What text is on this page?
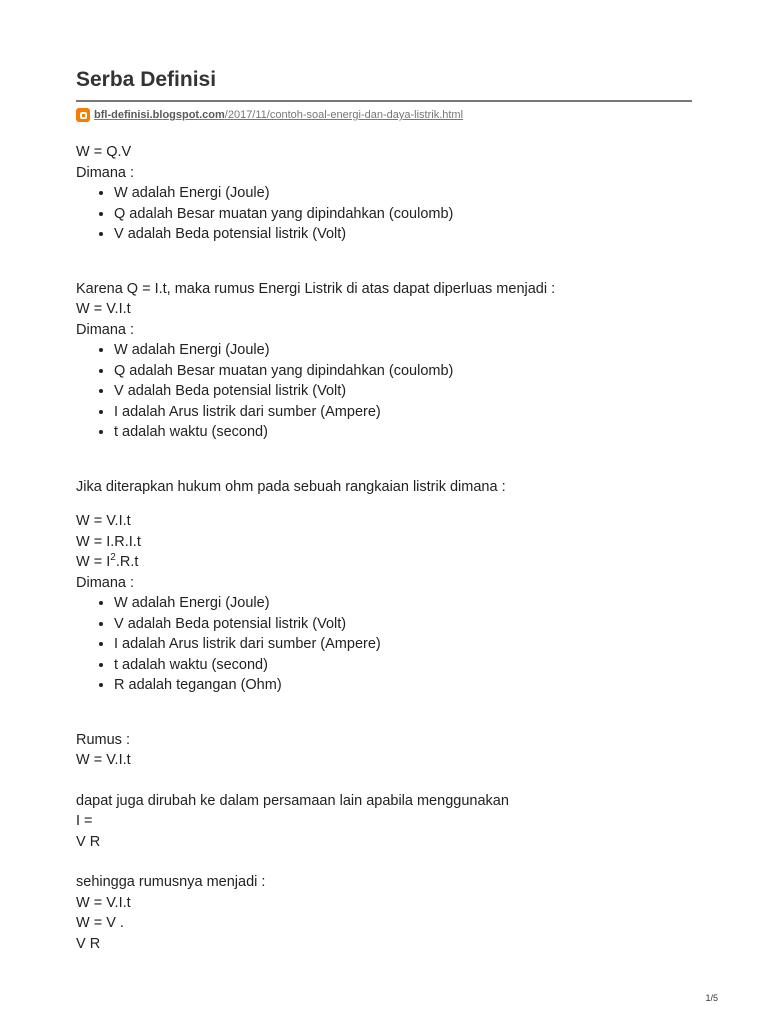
Serba Definisi
bfl-definisi.blogspot.com/2017/11/contoh-soal-energi-dan-daya-listrik.html

W = Q.V

Dimana :

• W adalah Energi (Joule)
• Q adalah Besar muatan yang dipindahkan (coulomb)
• V adalah Beda potensial listrik (Volt)

Karena Q = I.t, maka rumus Energi Listrik di atas dapat diperluas menjadi :

W = V.I.t

Dimana :

• W adalah Energi (Joule)
• Q adalah Besar muatan yang dipindahkan (coulomb)
• V adalah Beda potensial listrik (Volt)
• I adalah Arus listrik dari sumber (Ampere)
• t adalah waktu (second)

Jika diterapkan hukum ohm pada sebuah rangkaian listrik dimana :

W = V.I.t

W = I.R.I.t

$W = I^2.R.t$

Dimana :

• W adalah Energi (Joule)
• V adalah Beda potensial listrik (Volt)
• I adalah Arus listrik dari sumber (Ampere)
• t adalah waktu (second)
• R adalah tegangan (Ohm)

Rumus :

W = V.I.t

dapat juga dirubah ke dalam persamaan lain apabila menggunakan

I =

V R

sehingga rumusnya menjadi :

W = V.I.t

W = V .

V R

1/5
